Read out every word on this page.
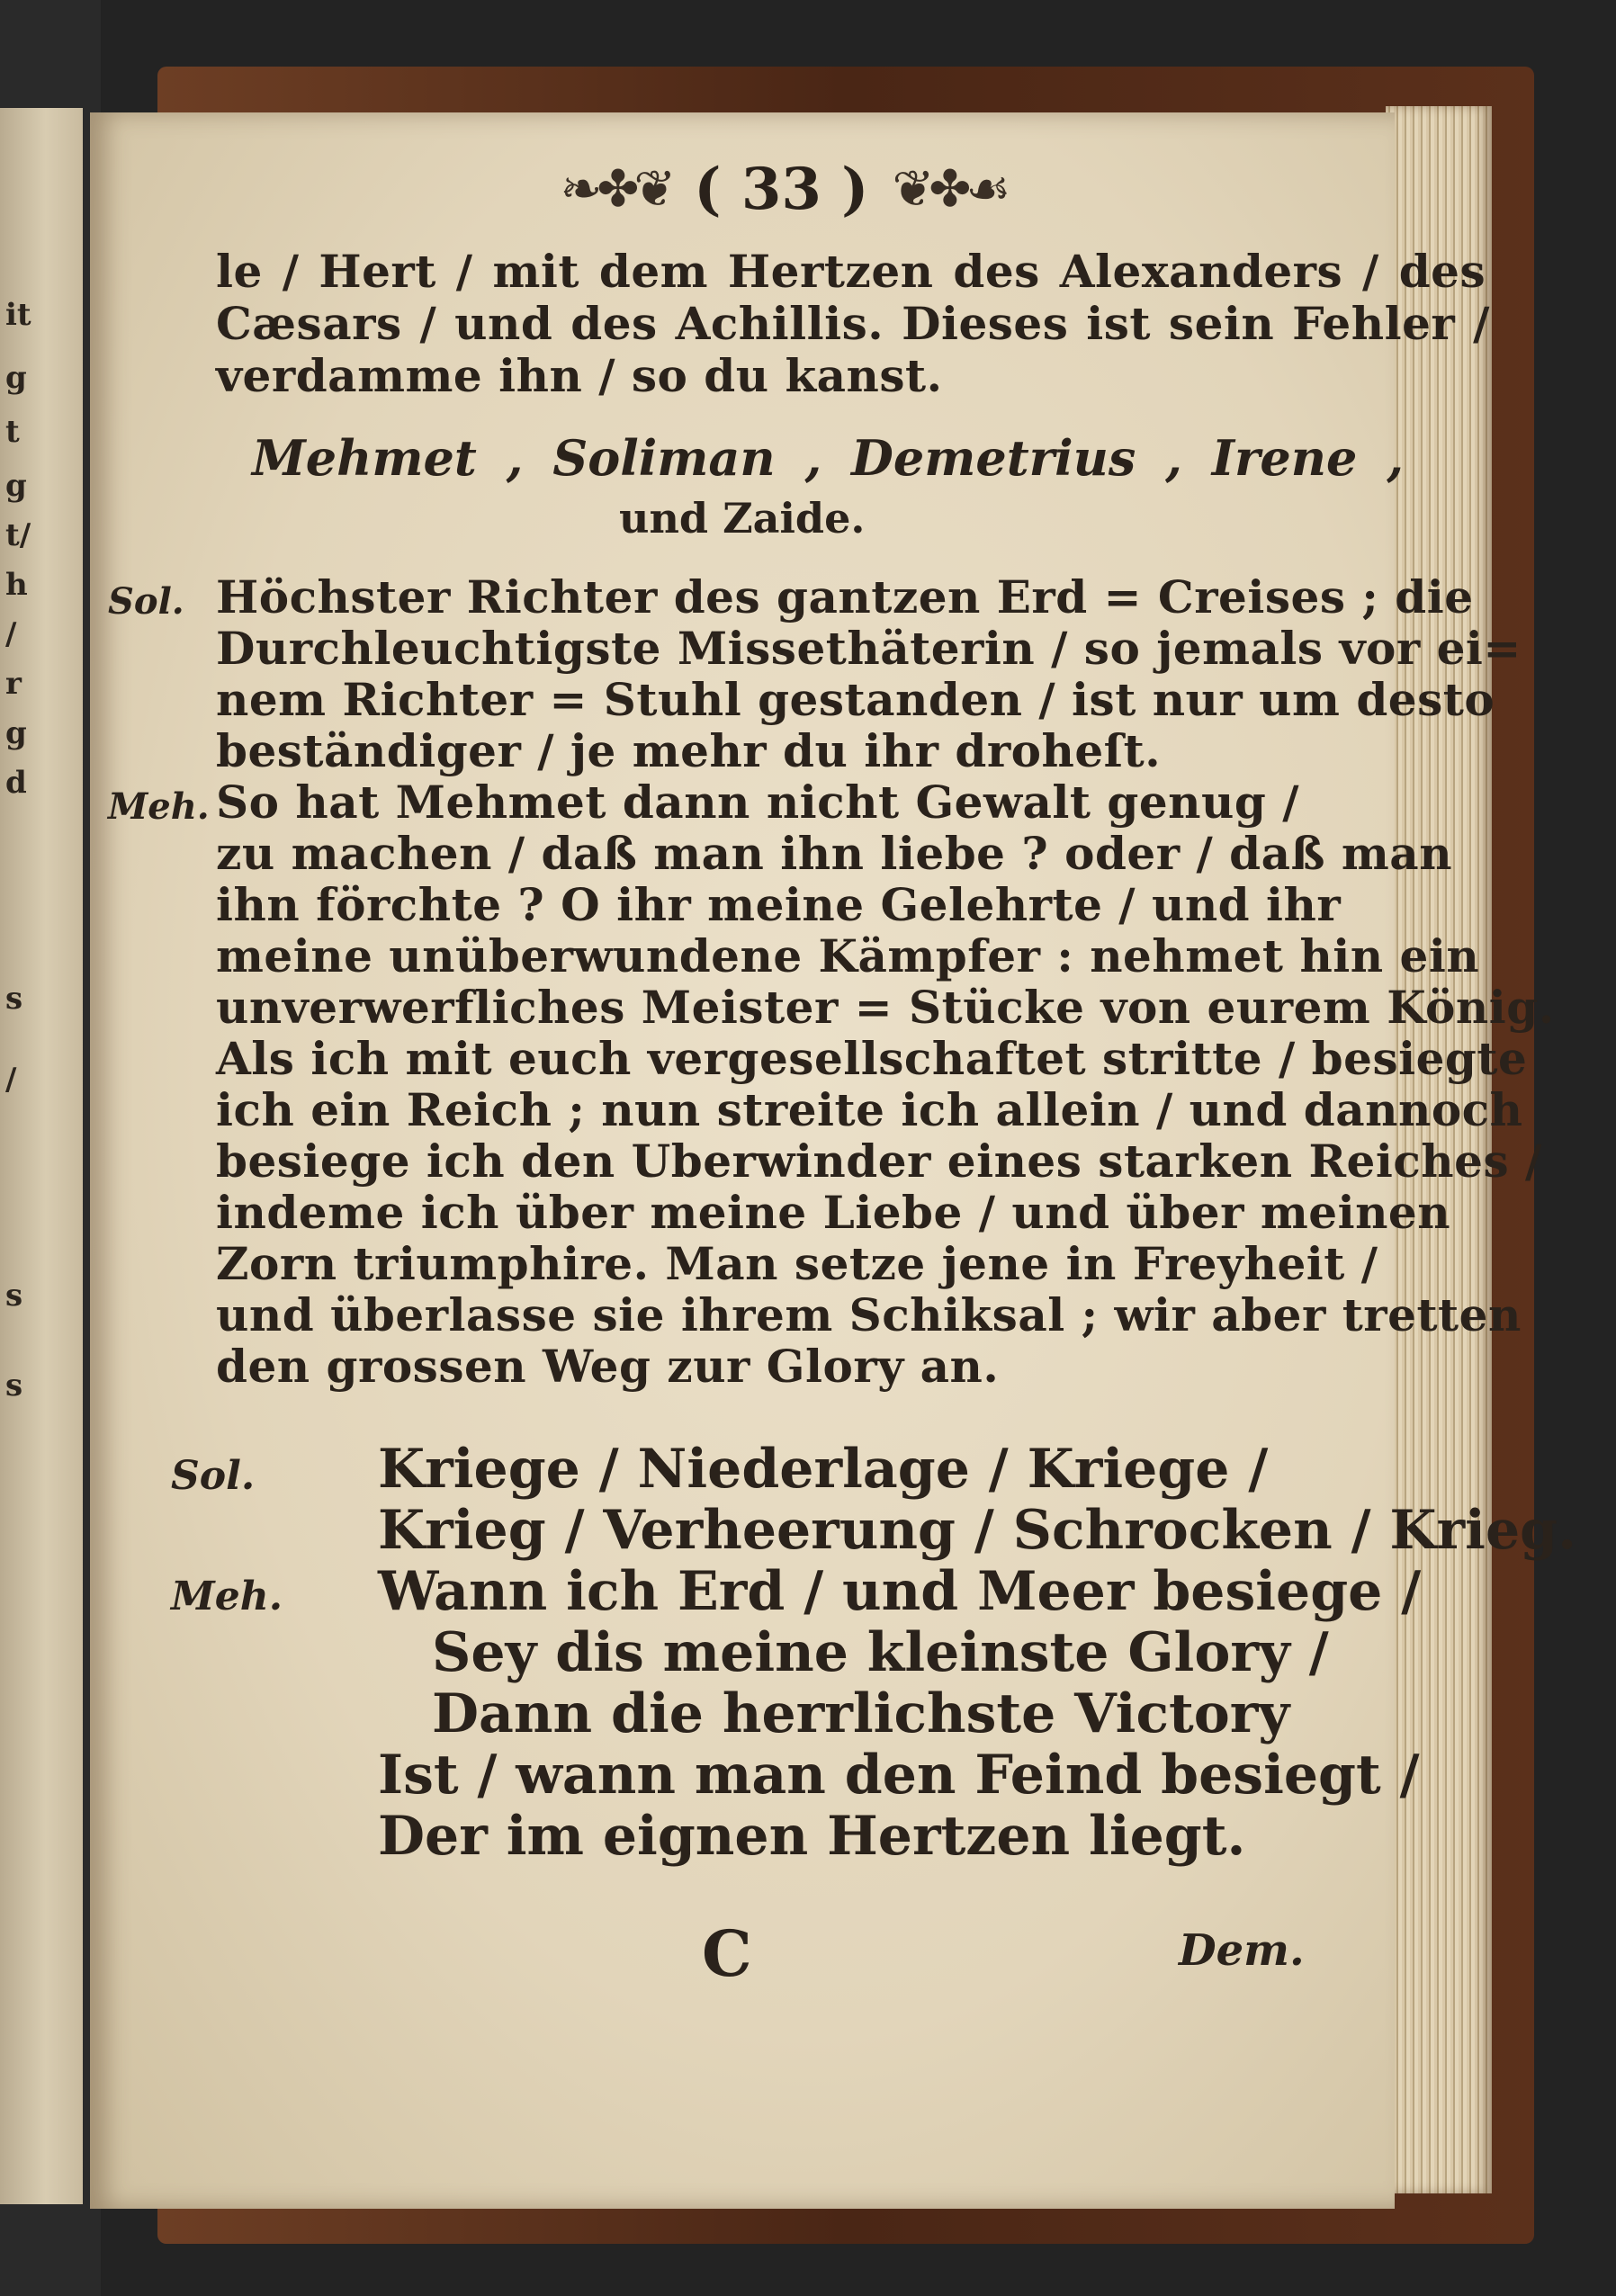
it
g
t
g
t/
h
/
r
g
d
s
/
s
s
❧✤❦ ( 33 ) ❦✤☙
le / Hert / mit dem Hertzen des Alexanders / des
Cæsars / und des Achillis. Dieses ist sein Fehler /
verdamme ihn / so du kanst.
Mehmet , Soliman , Demetrius , Irene ,
und Zaide.
Sol. Höchster Richter des gantzen Erd = Creises ; die
Durchleuchtigste Missethäterin / so jemals vor ei=
nem Richter = Stuhl gestanden / ist nur um desto
beständiger / je mehr du ihr droheſt.
Meh. So hat Mehmet dann nicht Gewalt genug /
zu machen / daß man ihn liebe ? oder / daß man
ihn förchte ? O ihr meine Gelehrte / und ihr
meine unüberwundene Kämpfer : nehmet hin ein
unverwerfliches Meister = Stücke von eurem König.
Als ich mit euch vergesellschaftet stritte / besiegte
ich ein Reich ; nun streite ich allein / und dannoch
besiege ich den Uberwinder eines starken Reiches /
indeme ich über meine Liebe / und über meinen
Zorn triumphire. Man setze jene in Freyheit /
und überlasse sie ihrem Schiksal ; wir aber tretten
den grossen Weg zur Glory an.
Sol. Kriege / Niederlage / Kriege /
Krieg / Verheerung / Schrocken / Krieg.
Meh. Wann ich Erd / und Meer besiege /
Sey dis meine kleinste Glory /
Dann die herrlichste Victory
Ist / wann man den Feind besiegt /
Der im eignen Hertzen liegt.
C	Dem.
